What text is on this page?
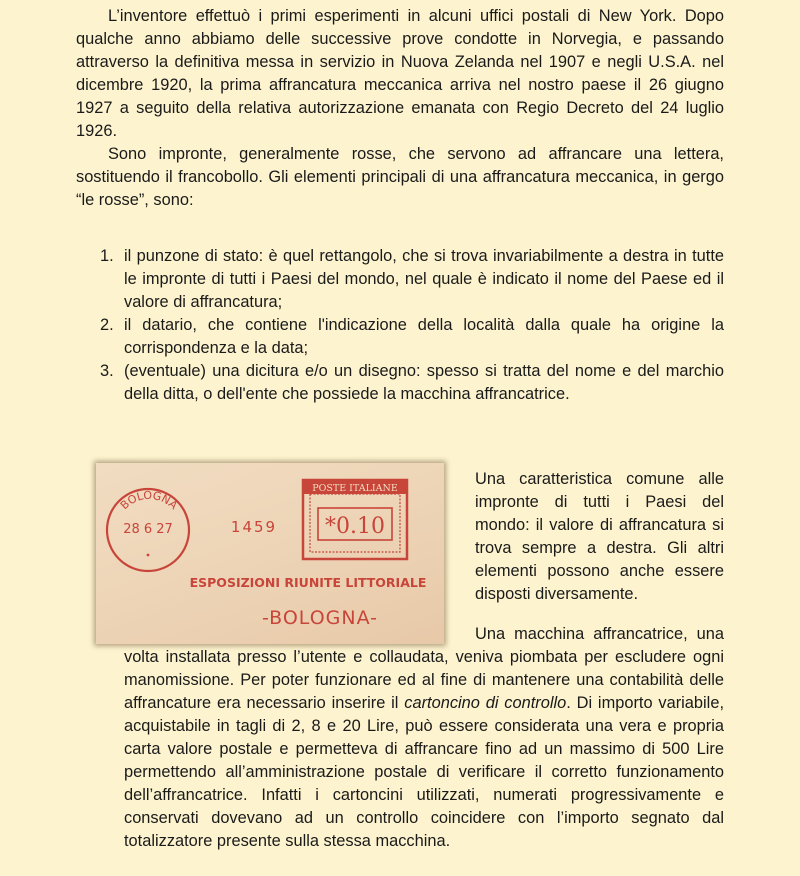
L’inventore effettuò i primi esperimenti in alcuni uffici postali di New York. Dopo qualche anno abbiamo delle successive prove condotte in Norvegia, e passando attraverso la definitiva messa in servizio in Nuova Zelanda nel 1907 e negli U.S.A. nel dicembre 1920, la prima affrancatura meccanica arriva nel nostro paese il 26 giugno 1927 a seguito della relativa autorizzazione emanata con Regio Decreto del 24 luglio 1926.

Sono impronte, generalmente rosse, che servono ad affrancare una lettera, sostituendo il francobollo. Gli elementi principali di una affrancatura meccanica, in gergo “le rosse”, sono:

1. il punzone di stato: è quel rettangolo, che si trova invariabilmente a destra in tutte le impronte di tutti i Paesi del mondo, nel quale è indicato il nome del Paese ed il valore di affrancatura;
2. il datario, che contiene l'indicazione della località dalla quale ha origine la corrispondenza e la data;
3. (eventuale) una dicitura e/o un disegno: spesso si tratta del nome e del marchio della ditta, o dell'ente che possiede la macchina affrancatrice.
BOLOGNA
28 6 27	1459
POSTE ITALIANE
*0.10
ESPOSIZIONI RIUNITE LITTORIALE
-BOLOGNA-

Una caratteristica comune alle impronte di tutti i Paesi del mondo: il valore di affrancatura si trova sempre a destra. Gli altri elementi possono anche essere disposti diversamente.

Una macchina affrancatrice, una volta installata presso l’utente e collaudata, veniva piombata per escludere ogni manomissione. Per poter funzionare ed al fine di mantenere una contabilità delle affrancature era necessario inserire il cartoncino di controllo. Di importo variabile, acquistabile in tagli di 2, 8 e 20 Lire, può essere considerata una vera e propria carta valore postale e permetteva di affrancare fino ad un massimo di 500 Lire permettendo all’amministrazione postale di verificare il corretto funzionamento dell’affrancatrice. Infatti i cartoncini utilizzati, numerati progressivamente e conservati dovevano ad un controllo coincidere con l’importo segnato dal totalizzatore presente sulla stessa macchina.
